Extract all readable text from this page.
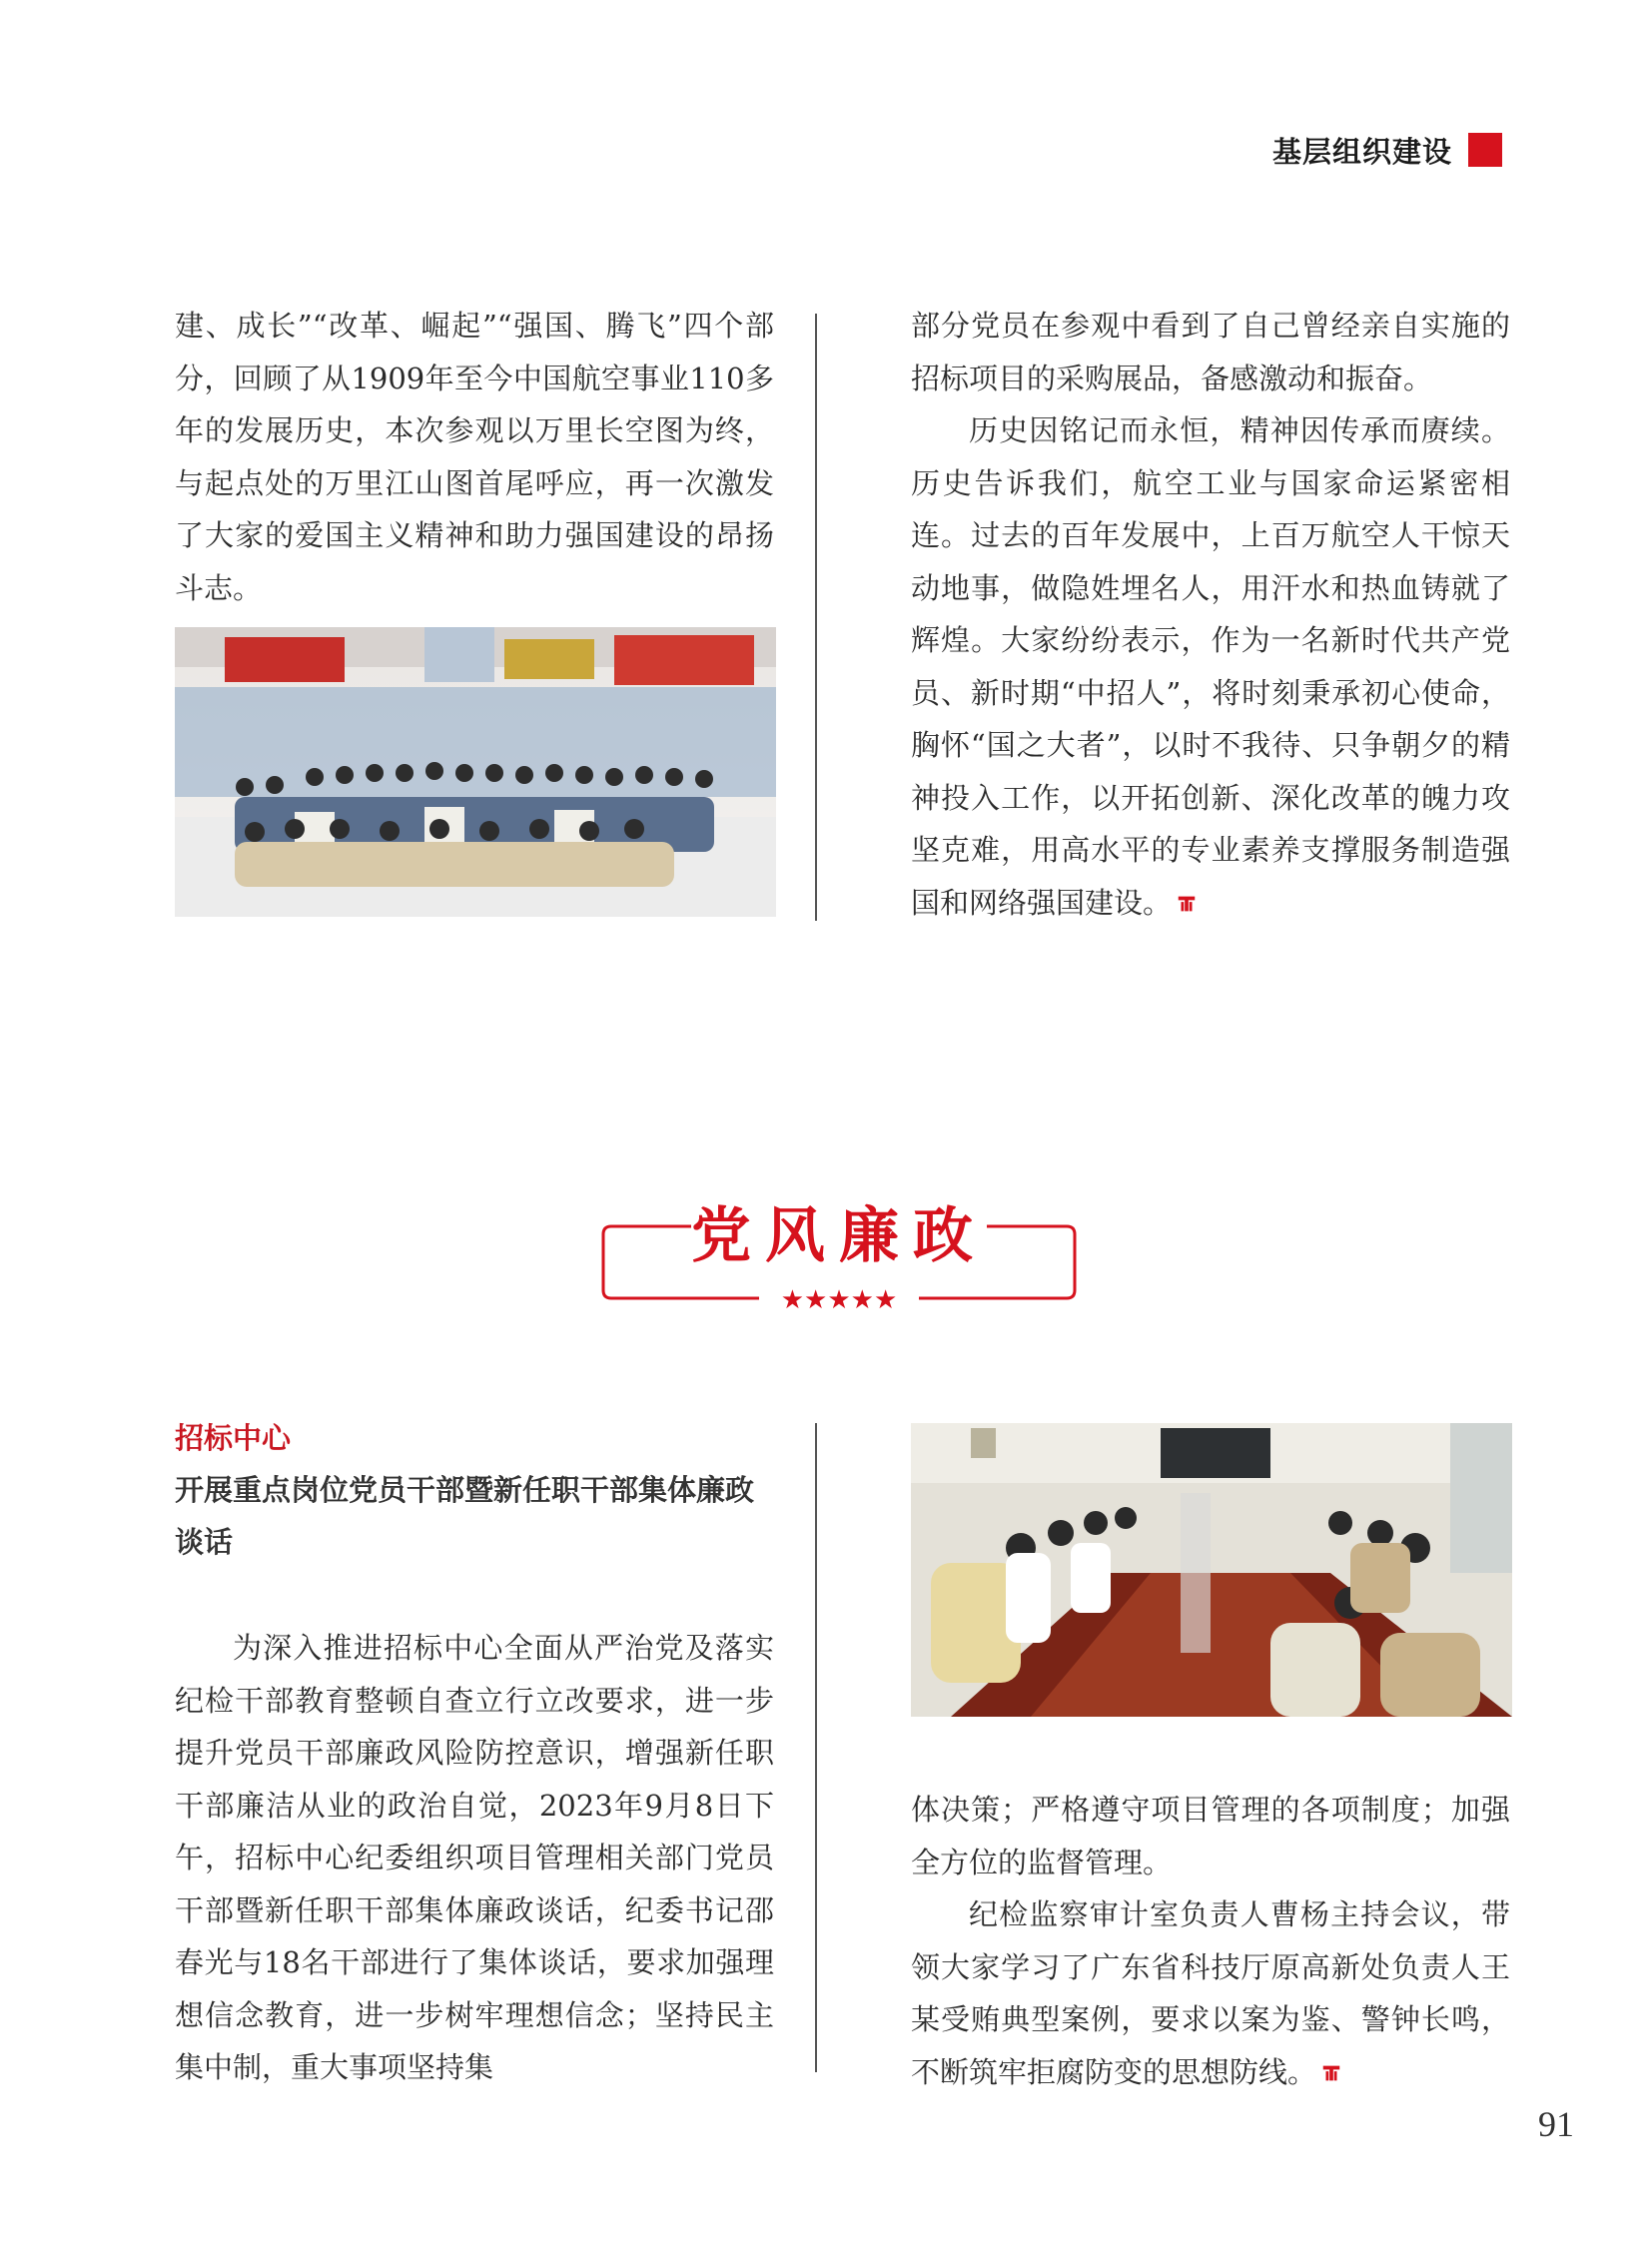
基层组织建设

建、成长”“改革、崛起”“强国、腾飞”四个部分，回顾了从1909年至今中国航空事业110多年的发展历史，本次参观以万里长空图为终，与起点处的万里江山图首尾呼应，再一次激发了大家的爱国主义精神和助力强国建设的昂扬斗志。

部分党员在参观中看到了自己曾经亲自实施的招标项目的采购展品，备感激动和振奋。

历史因铭记而永恒，精神因传承而赓续。历史告诉我们，航空工业与国家命运紧密相连。过去的百年发展中，上百万航空人干惊天动地事，做隐姓埋名人，用汗水和热血铸就了辉煌。大家纷纷表示，作为一名新时代共产党员、新时期“中招人”，将时刻秉承初心使命，胸怀“国之大者”，以时不我待、只争朝夕的精神投入工作，以开拓创新、深化改革的魄力攻坚克难，用高水平的专业素养支撑服务制造强国和网络强国建设。

★★★★★
党风廉政
招标中心
开展重点岗位党员干部暨新任职干部集体廉政谈话

为深入推进招标中心全面从严治党及落实纪检干部教育整顿自查立行立改要求，进一步提升党员干部廉政风险防控意识，增强新任职干部廉洁从业的政治自觉，2023年9月8日下午，招标中心纪委组织项目管理相关部门党员干部暨新任职干部集体廉政谈话，纪委书记邵春光与18名干部进行了集体谈话，要求加强理想信念教育，进一步树牢理想信念；坚持民主集中制，重大事项坚持集

体决策；严格遵守项目管理的各项制度；加强全方位的监督管理。

纪检监察审计室负责人曹杨主持会议，带领大家学习了广东省科技厅原高新处负责人王某受贿典型案例，要求以案为鉴、警钟长鸣，不断筑牢拒腐防变的思想防线。

91
